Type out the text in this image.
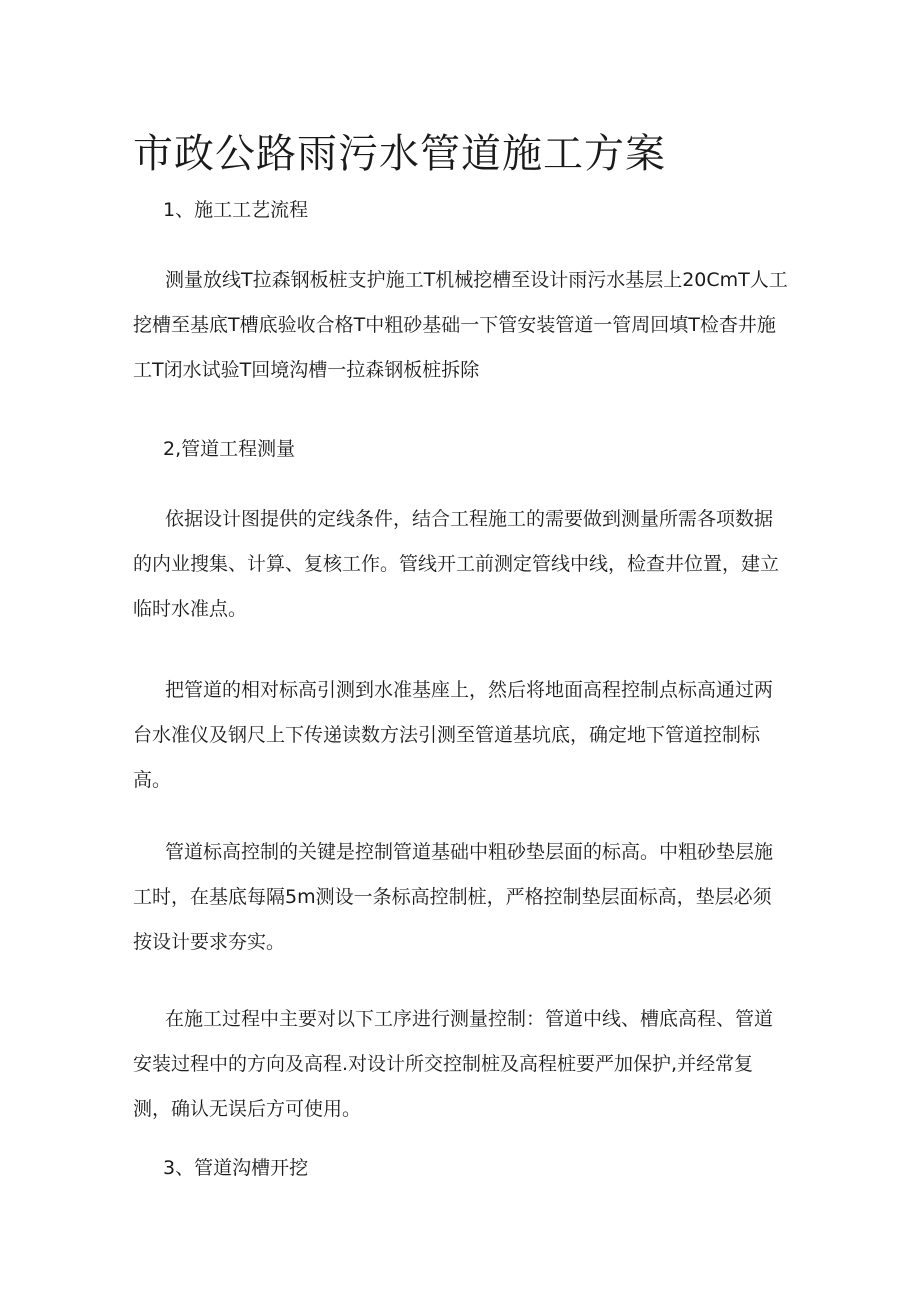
市政公路雨污水管道施工方案
1、施工工艺流程

测量放线T拉森钢板桩支护施工T机械挖槽至设计雨污水基层上20CmT人工挖槽至基底T槽底验收合格T中粗砂基础一下管安装管道一管周回填T检杳井施工T闭水试验T回境沟槽一拉森钢板桩拆除

2,管道工程测量

依据设计图提供的定线条件，结合工程施工的需要做到测量所需各项数据的内业搜集、计算、复核工作。管线开工前测定管线中线，检查井位置，建立临时水准点。

把管道的相对标高引测到水准基座上，然后将地面高程控制点标高通过两台水准仪及钢尺上下传递读数方法引测至管道基坑底，确定地下管道控制标高。

管道标高控制的关键是控制管道基础中粗砂垫层面的标高。中粗砂垫层施工时，在基底每隔5m测设一条标高控制桩，严格控制垫层面标高，垫层必须按设计要求夯实。

在施工过程中主要对以下工序进行测量控制：管道中线、槽底高程、管道安装过程中的方向及高程.对设计所交控制桩及高程桩要严加保护,并经常复测，确认无误后方可使用。

3、管道沟槽开挖
